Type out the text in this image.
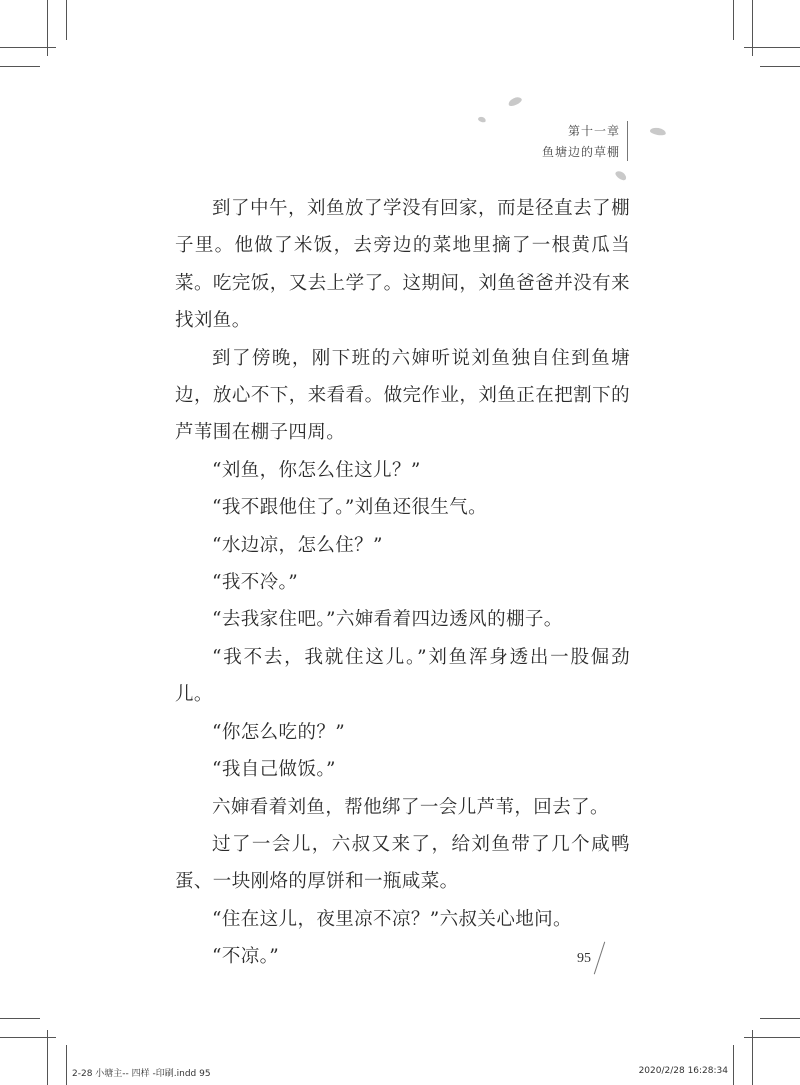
第十一章
鱼塘边的草棚

到了中午，刘鱼放了学没有回家，而是径直去了棚子里。他做了米饭，去旁边的菜地里摘了一根黄瓜当菜。吃完饭，又去上学了。这期间，刘鱼爸爸并没有来找刘鱼。

到了傍晚，刚下班的六婶听说刘鱼独自住到鱼塘边，放心不下，来看看。做完作业，刘鱼正在把割下的芦苇围在棚子四周。

“刘鱼，你怎么住这儿？”

“我不跟他住了。”刘鱼还很生气。

“水边凉，怎么住？”

“我不冷。”

“去我家住吧。”六婶看着四边透风的棚子。

“我不去，我就住这儿。”刘鱼浑身透出一股倔劲儿。

“你怎么吃的？”

“我自己做饭。”

六婶看着刘鱼，帮他绑了一会儿芦苇，回去了。

过了一会儿，六叔又来了，给刘鱼带了几个咸鸭蛋、一块刚烙的厚饼和一瓶咸菜。

“住在这儿，夜里凉不凉？”六叔关心地问。

“不凉。”	95
2-28 小塘主-- 四样 -印刷.indd 95	2020/2/28 16:28:34
